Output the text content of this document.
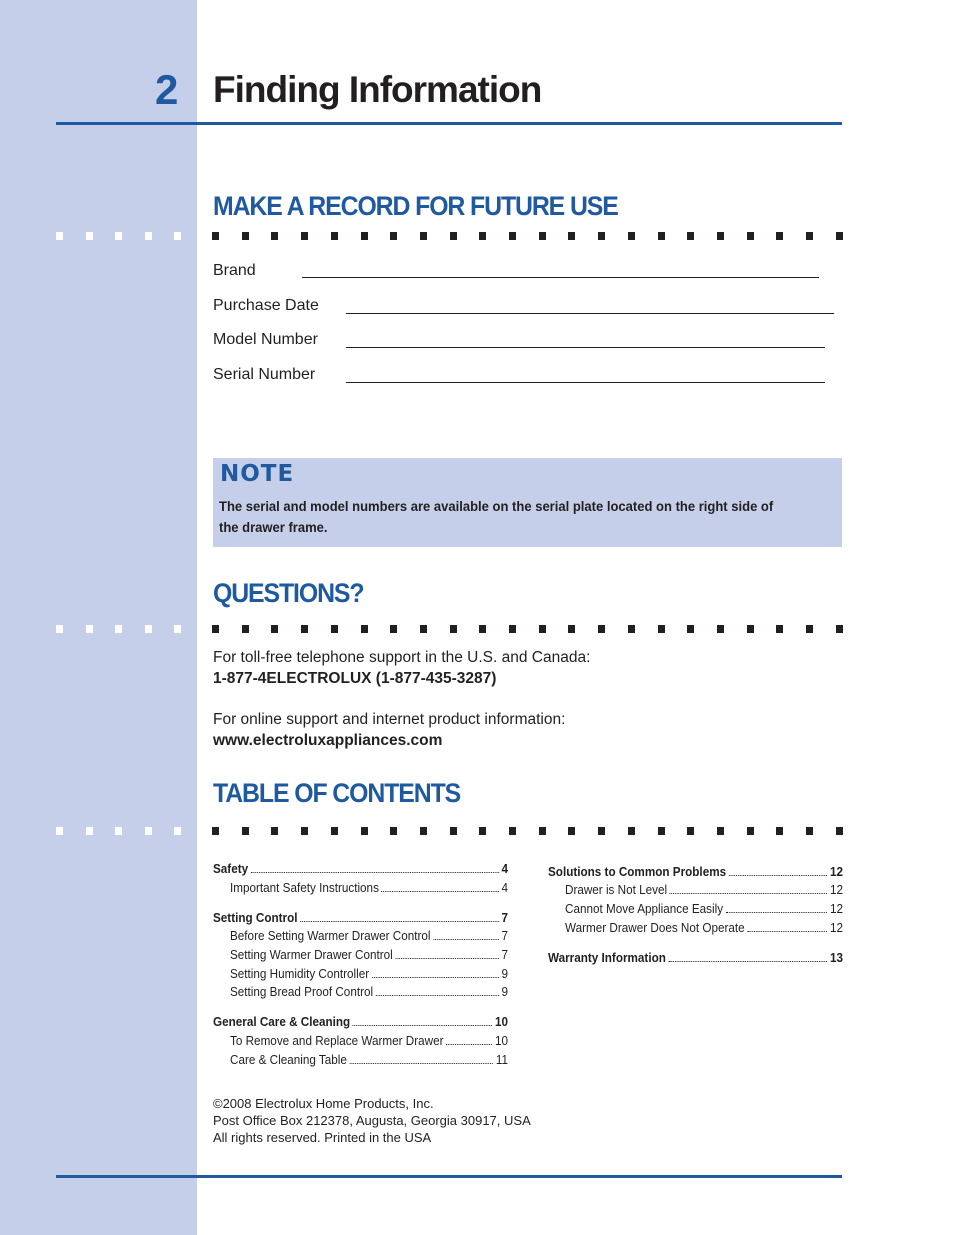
2 Finding Information
MAKE A RECORD FOR FUTURE USE
Brand
Purchase Date
Model Number
Serial Number
NOTE
The serial and model numbers are available on the serial plate located on the right side of the drawer frame.
QUESTIONS?
For toll-free telephone support in the U.S. and Canada:
1-877-4ELECTROLUX (1-877-435-3287)
For online support and internet product information:
www.electroluxappliances.com
TABLE OF CONTENTS
Safety	4
Important Safety Instructions	4
Setting Control	7
Before Setting Warmer Drawer Control	7
Setting Warmer Drawer Control	7
Setting Humidity Controller	9
Setting Bread Proof Control	9
General Care & Cleaning	10
To Remove and Replace Warmer Drawer	10
Care & Cleaning Table	11
Solutions to Common Problems	12
Drawer is Not Level	12
Cannot Move Appliance Easily	12
Warmer Drawer Does Not Operate	12
Warranty Information	13
©2008 Electrolux Home Products, Inc.
Post Office Box 212378, Augusta, Georgia 30917, USA
All rights reserved. Printed in the USA
